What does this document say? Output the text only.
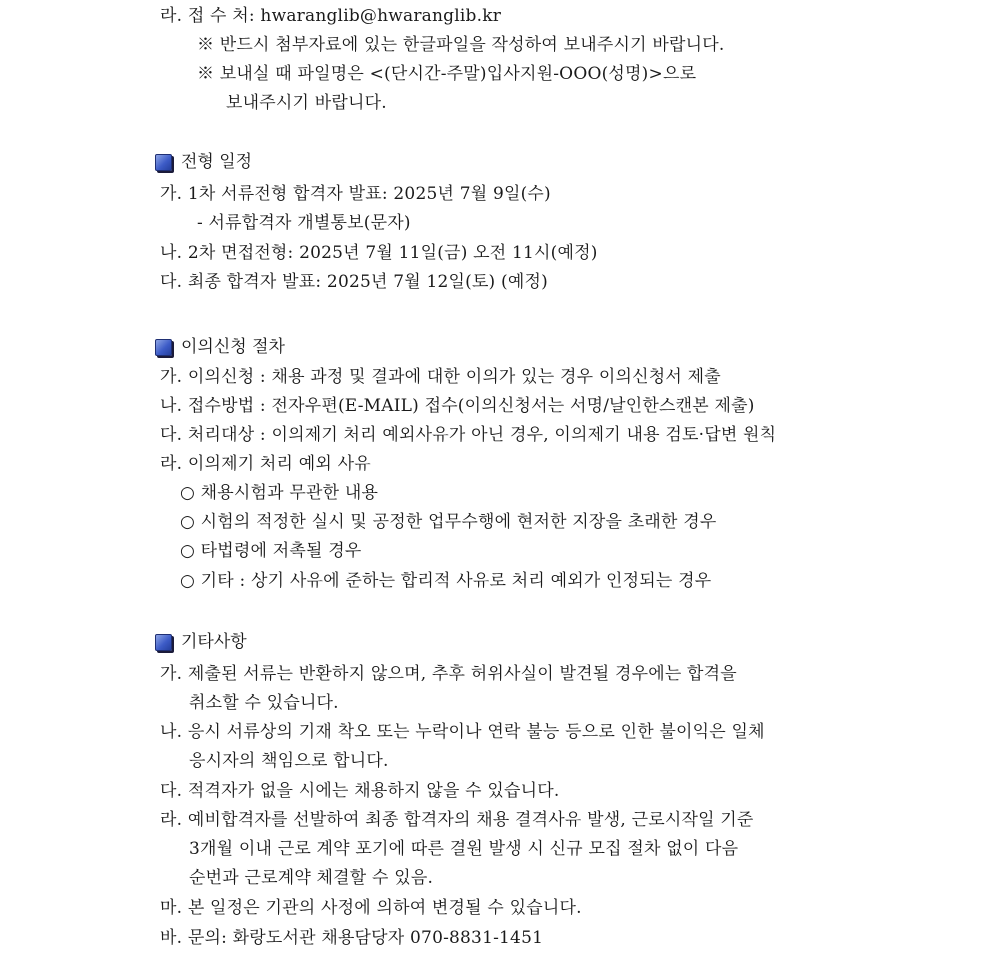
라. 접 수 처: hwaranglib@hwaranglib.kr
※ 반드시 첨부자료에 있는 한글파일을 작성하여 보내주시기 바랍니다.
※ 보내실 때 파일명은 <(단시간-주말)입사지원-OOO(성명)>으로
보내주시기 바랍니다.
전형 일정
가. 1차 서류전형 합격자 발표: 2025년 7월 9일(수)
- 서류합격자 개별통보(문자)
나. 2차 면접전형: 2025년 7월 11일(금) 오전 11시(예정)
다. 최종 합격자 발표: 2025년 7월 12일(토) (예정)
이의신청 절차
가. 이의신청 : 채용 과정 및 결과에 대한 이의가 있는 경우 이의신청서 제출
나. 접수방법 : 전자우편(E-MAIL) 접수(이의신청서는 서명/날인한스캔본 제출)
다. 처리대상 : 이의제기 처리 예외사유가 아닌 경우, 이의제기 내용 검토·답변 원칙
라. 이의제기 처리 예외 사유
○ 채용시험과 무관한 내용
○ 시험의 적정한 실시 및 공정한 업무수행에 현저한 지장을 초래한 경우
○ 타법령에 저촉될 경우
○ 기타 : 상기 사유에 준하는 합리적 사유로 처리 예외가 인정되는 경우
기타사항
가. 제출된 서류는 반환하지 않으며, 추후 허위사실이 발견될 경우에는 합격을
취소할 수 있습니다.
나. 응시 서류상의 기재 착오 또는 누락이나 연락 불능 등으로 인한 불이익은 일체
응시자의 책임으로 합니다.
다. 적격자가 없을 시에는 채용하지 않을 수 있습니다.
라. 예비합격자를 선발하여 최종 합격자의 채용 결격사유 발생, 근로시작일 기준
3개월 이내 근로 계약 포기에 따른 결원 발생 시 신규 모집 절차 없이 다음
순번과 근로계약 체결할 수 있음.
마. 본 일정은 기관의 사정에 의하여 변경될 수 있습니다.
바. 문의: 화랑도서관 채용담당자 070-8831-1451
